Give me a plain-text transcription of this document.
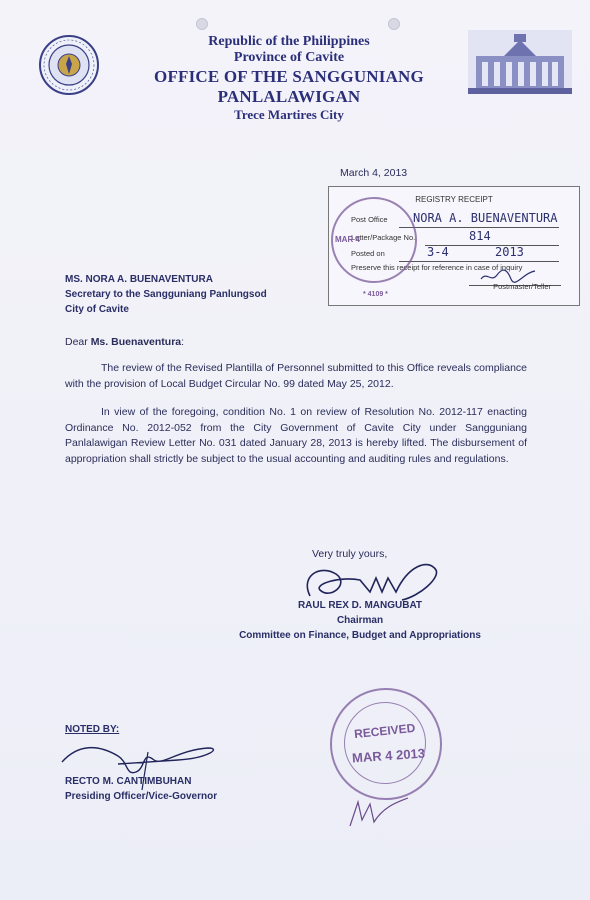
Republic of the Philippines
Province of Cavite
OFFICE OF THE SANGGUNIANG PANLALAWIGAN
Trece Martires City
March 4, 2013
REGISTRY RECEIPT
Post Office NORA A. BUENAVENTURA
Letter/Package No.	814
Posted on	3-4	2013
Preserve this receipt for reference in case of inquiry
Postmaster/Teller
MAR 4
* 4109 *
MS. NORA A. BUENAVENTURA
Secretary to the Sangguniang Panlungsod
City of Cavite
Dear Ms. Buenaventura:
The review of the Revised Plantilla of Personnel submitted to this Office reveals compliance with the provision of Local Budget Circular No. 99 dated May 25, 2012.
In view of the foregoing, condition No. 1 on review of Resolution No. 2012-117 enacting Ordinance No. 2012-052 from the City Government of Cavite City under Sangguniang Panlalawigan Review Letter No. 031 dated January 28, 2013 is hereby lifted. The disbursement of appropriation shall strictly be subject to the usual accounting and auditing rules and regulations.
Very truly yours,
RAUL REX D. MANGUBAT
Chairman
Committee on Finance, Budget and Appropriations
NOTED BY:
RECTO M. CANTIMBUHAN
Presiding Officer/Vice-Governor
RECEIVED
MAR 4 2013
